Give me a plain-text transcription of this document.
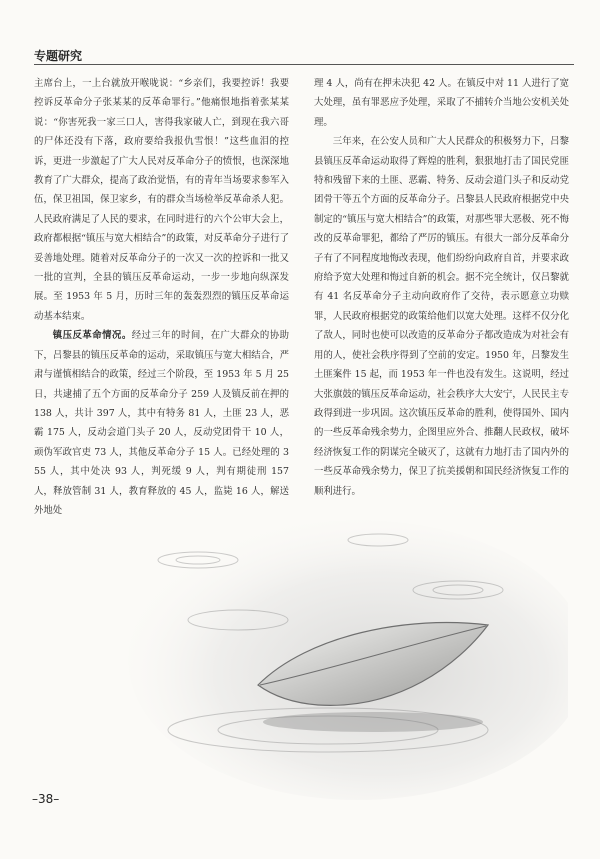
专题研究

主席台上，一上台就放开喉咙说：“乡亲们，我要控诉！我要控诉反革命分子张某某的反革命罪行。”他痛恨地指着张某某说：“你害死我一家三口人，害得我家破人亡，到现在我六哥的尸体还没有下落，政府要给我报仇雪恨！”这些血泪的控诉，更进一步激起了广大人民对反革命分子的愤恨，也深深地教育了广大群众，提高了政治觉悟，有的青年当场要求参军入伍，保卫祖国，保卫家乡，有的群众当场检举反革命杀人犯。人民政府满足了人民的要求，在同时进行的六个公审大会上，政府都根据“镇压与宽大相结合”的政策，对反革命分子进行了妥善地处理。随着对反革命分子的一次又一次的控诉和一批又一批的宣判，全县的镇压反革命运动，一步一步地向纵深发展。至 1953 年 5 月，历时三年的轰轰烈烈的镇压反革命运动基本结束。

镇压反革命情况。经过三年的时间，在广大群众的协助下，吕黎县的镇压反革命的运动，采取镇压与宽大相结合，严肃与谨慎相结合的政策，经过三个阶段，至 1953 年 5 月 25 日，共逮捕了五个方面的反革命分子 259 人及镇反前在押的 138 人，共计 397 人，其中有特务 81 人，土匪 23 人，恶霸 175 人，反动会道门头子 20 人，反动党团骨干 10 人，顽伪军政官吏 73 人，其他反革命分子 15 人。已经处理的 355 人，其中处决 93 人，判死缓 9 人，判有期徒刑 157 人，释放管制 31 人，教育释放的 45 人，监毙 16 人，解送外地处

理 4 人，尚有在押未决犯 42 人。在镇反中对 11 人进行了宽大处理，虽有罪恶应予处理，采取了不捕转介当地公安机关处理。

三年来，在公安人员和广大人民群众的积极努力下，吕黎县镇压反革命运动取得了辉煌的胜利，狠狠地打击了国民党匪特和残留下来的土匪、恶霸、特务、反动会道门头子和反动党团骨干等五个方面的反革命分子。吕黎县人民政府根据党中央制定的“镇压与宽大相结合”的政策，对那些罪大恶极、死不悔改的反革命罪犯，都给了严厉的镇压。有很大一部分反革命分子有了不同程度地悔改表现，他们纷纷向政府自首，并要求政府给予宽大处理和悔过自新的机会。据不完全统计，仅吕黎就有 41 名反革命分子主动向政府作了交待，表示愿意立功赎罪，人民政府根据党的政策给他们以宽大处理。这样不仅分化了敌人，同时也使可以改造的反革命分子都改造成为对社会有用的人，使社会秩序得到了空前的安定。1950 年，吕黎发生土匪案件 15 起，而 1953 年一件也没有发生。这说明，经过大张旗鼓的镇压反革命运动，社会秩序大大安宁，人民民主专政得到进一步巩固。这次镇压反革命的胜利，使得国外、国内的一些反革命残余势力，企图里应外合、推翻人民政权，破坏经济恢复工作的阴谋完全破灭了，这就有力地打击了国内外的一些反革命残余势力，保卫了抗美援朝和国民经济恢复工作的顺利进行。

–38–
